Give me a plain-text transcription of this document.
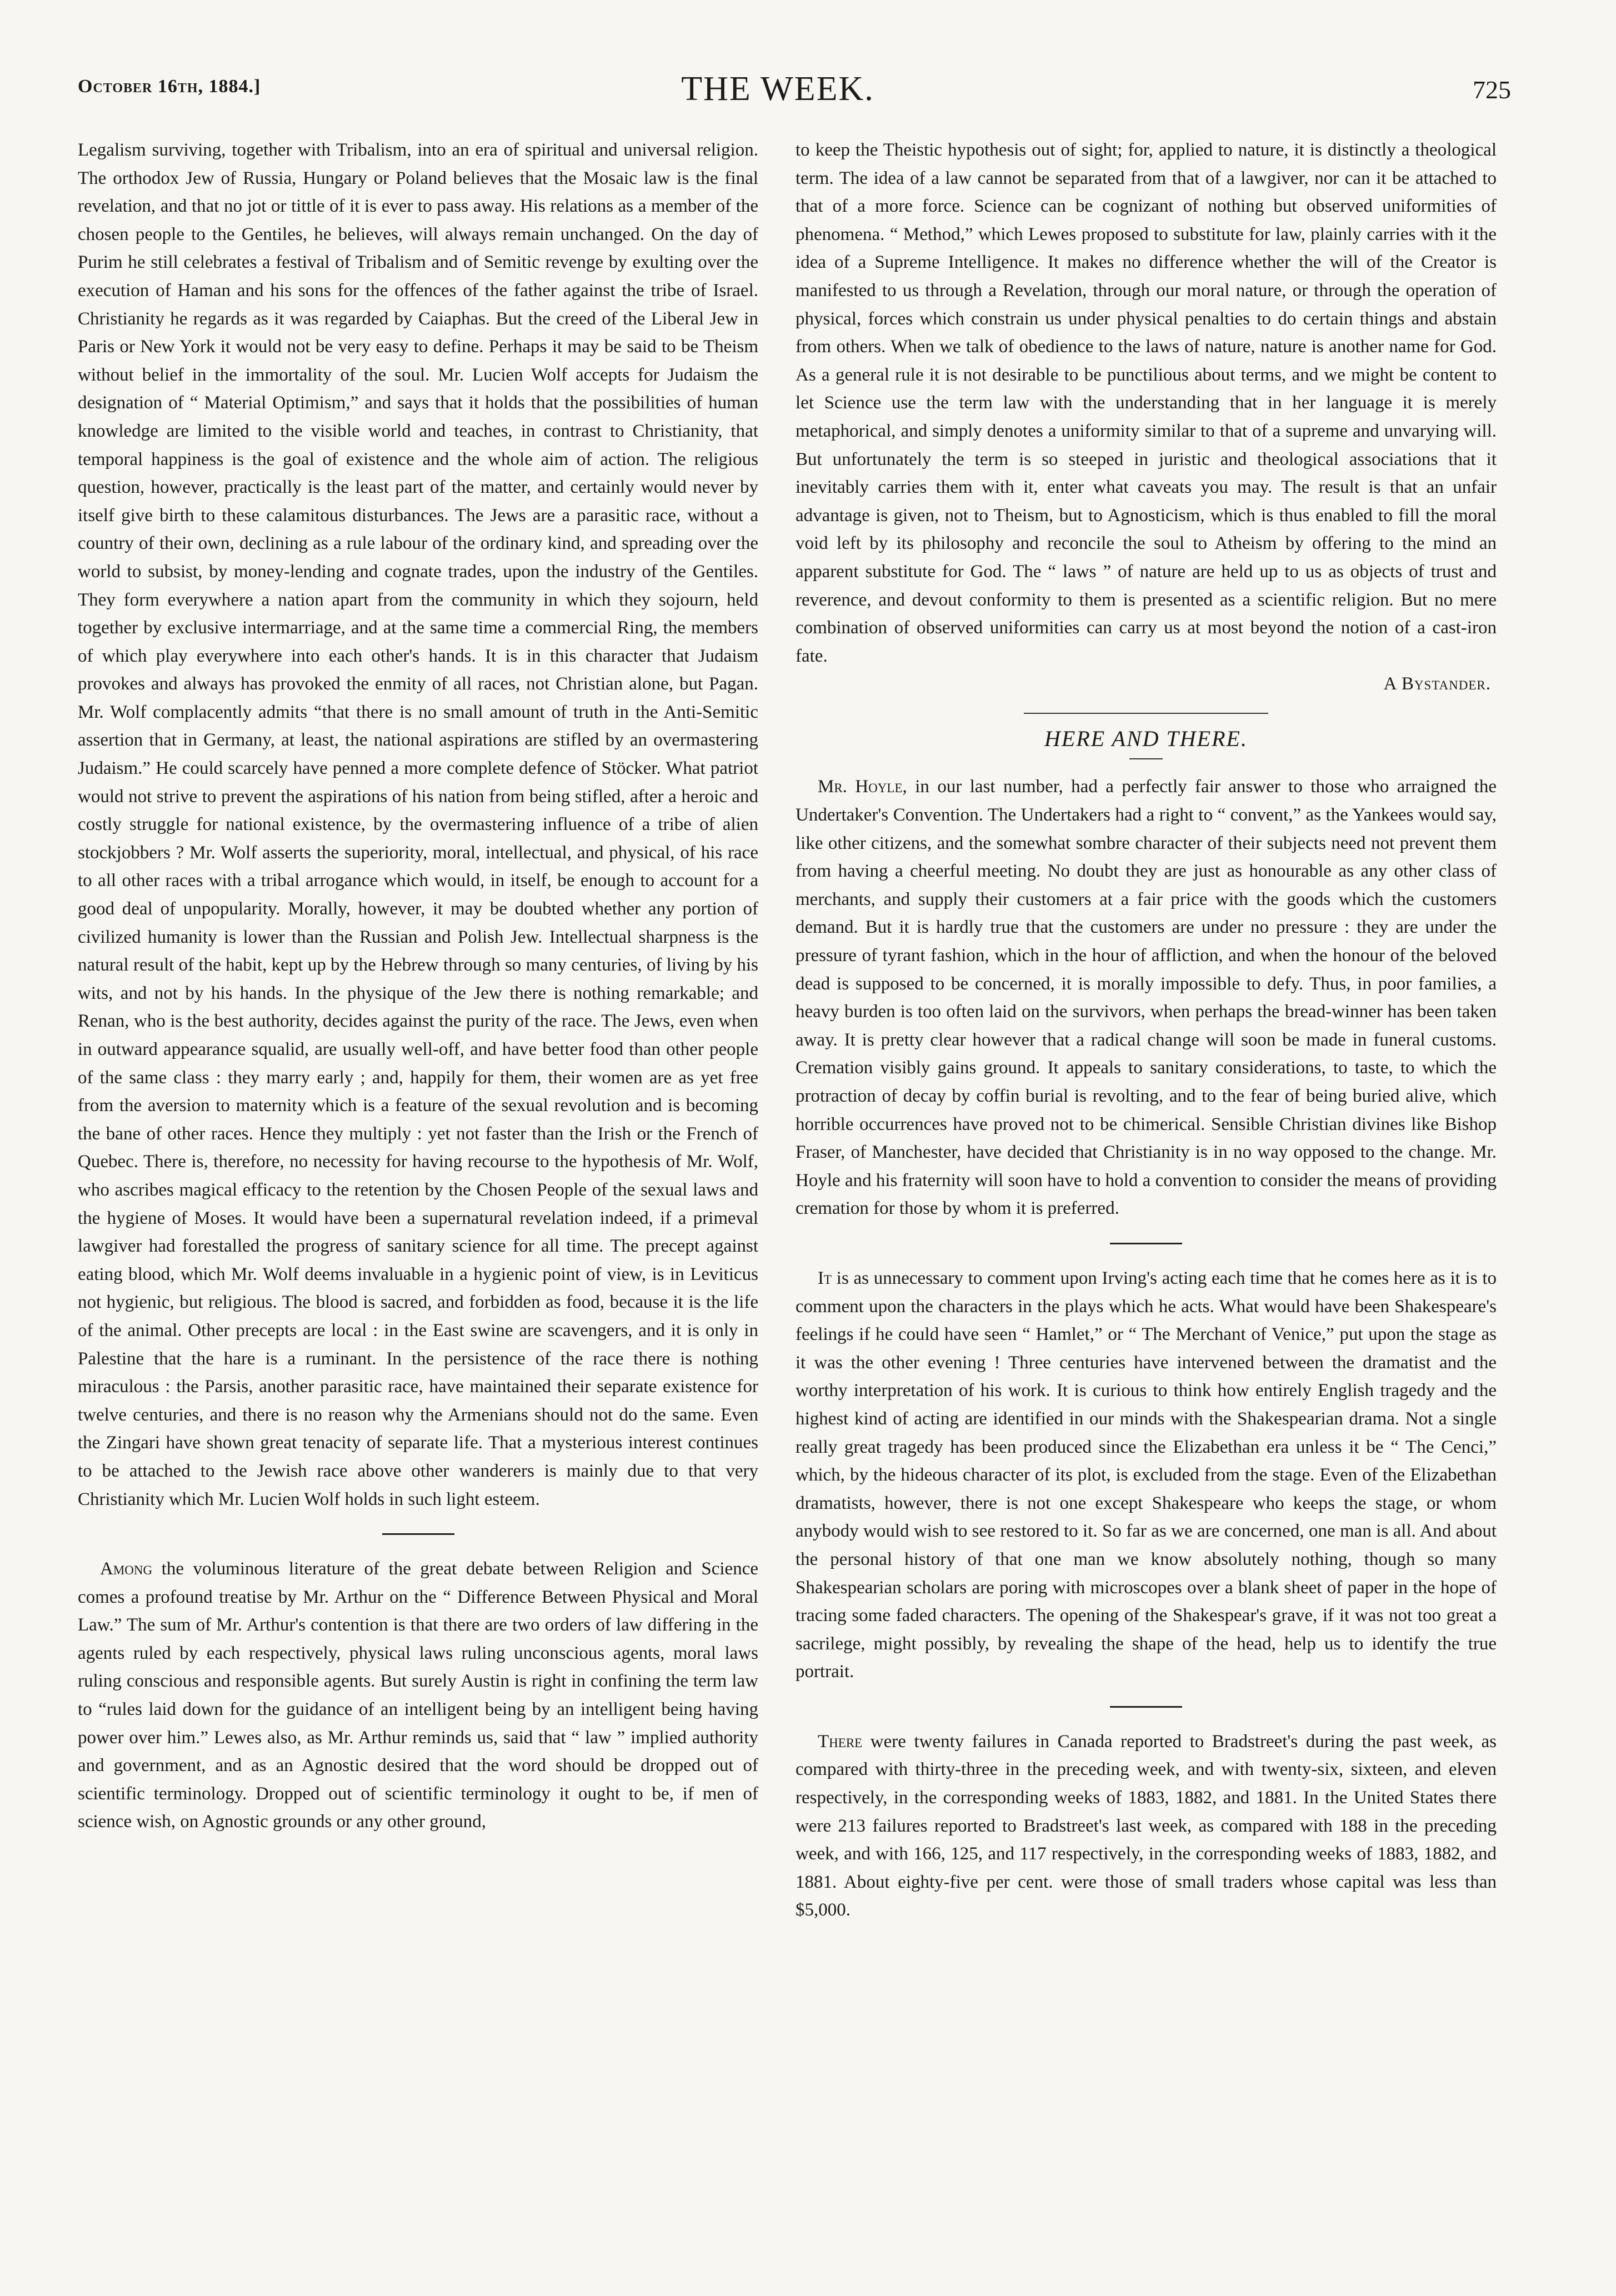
October 16th, 1884.]	THE WEEK.	725

Legalism surviving, together with Tribalism, into an era of spiritual and universal religion. The orthodox Jew of Russia, Hungary or Poland believes that the Mosaic law is the final revelation, and that no jot or tittle of it is ever to pass away. His relations as a member of the chosen people to the Gentiles, he believes, will always remain unchanged. On the day of Purim he still celebrates a festival of Tribalism and of Semitic revenge by exulting over the execution of Haman and his sons for the offences of the father against the tribe of Israel. Christianity he regards as it was regarded by Caiaphas. But the creed of the Liberal Jew in Paris or New York it would not be very easy to define. Perhaps it may be said to be Theism without belief in the immortality of the soul. Mr. Lucien Wolf accepts for Judaism the designation of “ Material Optimism,” and says that it holds that the possibilities of human knowledge are limited to the visible world and teaches, in contrast to Christianity, that temporal happiness is the goal of existence and the whole aim of action. The religious question, however, practically is the least part of the matter, and certainly would never by itself give birth to these calamitous disturbances. The Jews are a parasitic race, without a country of their own, declining as a rule labour of the ordinary kind, and spreading over the world to subsist, by money-lending and cognate trades, upon the industry of the Gentiles. They form everywhere a nation apart from the community in which they sojourn, held together by exclusive intermarriage, and at the same time a commercial Ring, the members of which play everywhere into each other's hands. It is in this character that Judaism provokes and always has provoked the enmity of all races, not Christian alone, but Pagan. Mr. Wolf complacently admits “that there is no small amount of truth in the Anti-Semitic assertion that in Germany, at least, the national aspirations are stifled by an overmastering Judaism.” He could scarcely have penned a more complete defence of Stöcker. What patriot would not strive to prevent the aspirations of his nation from being stifled, after a heroic and costly struggle for national existence, by the overmastering influence of a tribe of alien stockjobbers ? Mr. Wolf asserts the superiority, moral, intellectual, and physical, of his race to all other races with a tribal arrogance which would, in itself, be enough to account for a good deal of unpopularity. Morally, however, it may be doubted whether any portion of civilized humanity is lower than the Russian and Polish Jew. Intellectual sharpness is the natural result of the habit, kept up by the Hebrew through so many centuries, of living by his wits, and not by his hands. In the physique of the Jew there is nothing remarkable; and Renan, who is the best authority, decides against the purity of the race. The Jews, even when in outward appearance squalid, are usually well-off, and have better food than other people of the same class : they marry early ; and, happily for them, their women are as yet free from the aversion to maternity which is a feature of the sexual revolution and is becoming the bane of other races. Hence they multiply : yet not faster than the Irish or the French of Quebec. There is, therefore, no necessity for having recourse to the hypothesis of Mr. Wolf, who ascribes magical efficacy to the retention by the Chosen People of the sexual laws and the hygiene of Moses. It would have been a supernatural revelation indeed, if a primeval lawgiver had forestalled the progress of sanitary science for all time. The precept against eating blood, which Mr. Wolf deems invaluable in a hygienic point of view, is in Leviticus not hygienic, but religious. The blood is sacred, and forbidden as food, because it is the life of the animal. Other precepts are local : in the East swine are scavengers, and it is only in Palestine that the hare is a ruminant. In the persistence of the race there is nothing miraculous : the Parsis, another parasitic race, have maintained their separate existence for twelve centuries, and there is no reason why the Armenians should not do the same. Even the Zingari have shown great tenacity of separate life. That a mysterious interest continues to be attached to the Jewish race above other wanderers is mainly due to that very Christianity which Mr. Lucien Wolf holds in such light esteem.

Among the voluminous literature of the great debate between Religion and Science comes a profound treatise by Mr. Arthur on the “ Difference Between Physical and Moral Law.” The sum of Mr. Arthur's contention is that there are two orders of law differing in the agents ruled by each respectively, physical laws ruling unconscious agents, moral laws ruling conscious and responsible agents. But surely Austin is right in confining the term law to “rules laid down for the guidance of an intelligent being by an intelligent being having power over him.” Lewes also, as Mr. Arthur reminds us, said that “ law ” implied authority and government, and as an Agnostic desired that the word should be dropped out of scientific terminology. Dropped out of scientific terminology it ought to be, if men of science wish, on Agnostic grounds or any other ground,

to keep the Theistic hypothesis out of sight; for, applied to nature, it is distinctly a theological term. The idea of a law cannot be separated from that of a lawgiver, nor can it be attached to that of a more force. Science can be cognizant of nothing but observed uniformities of phenomena. “ Method,” which Lewes proposed to substitute for law, plainly carries with it the idea of a Supreme Intelligence. It makes no difference whether the will of the Creator is manifested to us through a Revelation, through our moral nature, or through the operation of physical, forces which constrain us under physical penalties to do certain things and abstain from others. When we talk of obedience to the laws of nature, nature is another name for God. As a general rule it is not desirable to be punctilious about terms, and we might be content to let Science use the term law with the understanding that in her language it is merely metaphorical, and simply denotes a uniformity similar to that of a supreme and unvarying will. But unfortunately the term is so steeped in juristic and theological associations that it inevitably carries them with it, enter what caveats you may. The result is that an unfair advantage is given, not to Theism, but to Agnosticism, which is thus enabled to fill the moral void left by its philosophy and reconcile the soul to Atheism by offering to the mind an apparent substitute for God. The “ laws ” of nature are held up to us as objects of trust and reverence, and devout conformity to them is presented as a scientific religion. But no mere combination of observed uniformities can carry us at most beyond the notion of a cast-iron fate.

A Bystander.

HERE AND THERE.

Mr. Hoyle, in our last number, had a perfectly fair answer to those who arraigned the Undertaker's Convention. The Undertakers had a right to “ convent,” as the Yankees would say, like other citizens, and the somewhat sombre character of their subjects need not prevent them from having a cheerful meeting. No doubt they are just as honourable as any other class of merchants, and supply their customers at a fair price with the goods which the customers demand. But it is hardly true that the customers are under no pressure : they are under the pressure of tyrant fashion, which in the hour of affliction, and when the honour of the beloved dead is supposed to be concerned, it is morally impossible to defy. Thus, in poor families, a heavy burden is too often laid on the survivors, when perhaps the bread-winner has been taken away. It is pretty clear however that a radical change will soon be made in funeral customs. Cremation visibly gains ground. It appeals to sanitary considerations, to taste, to which the protraction of decay by coffin burial is revolting, and to the fear of being buried alive, which horrible occurrences have proved not to be chimerical. Sensible Christian divines like Bishop Fraser, of Manchester, have decided that Christianity is in no way opposed to the change. Mr. Hoyle and his fraternity will soon have to hold a convention to consider the means of providing cremation for those by whom it is preferred.

It is as unnecessary to comment upon Irving's acting each time that he comes here as it is to comment upon the characters in the plays which he acts. What would have been Shakespeare's feelings if he could have seen “ Hamlet,” or “ The Merchant of Venice,” put upon the stage as it was the other evening ! Three centuries have intervened between the dramatist and the worthy interpretation of his work. It is curious to think how entirely English tragedy and the highest kind of acting are identified in our minds with the Shakespearian drama. Not a single really great tragedy has been produced since the Elizabethan era unless it be “ The Cenci,” which, by the hideous character of its plot, is excluded from the stage. Even of the Elizabethan dramatists, however, there is not one except Shakespeare who keeps the stage, or whom anybody would wish to see restored to it. So far as we are concerned, one man is all. And about the personal history of that one man we know absolutely nothing, though so many Shakespearian scholars are poring with microscopes over a blank sheet of paper in the hope of tracing some faded characters. The opening of the Shakespear's grave, if it was not too great a sacrilege, might possibly, by revealing the shape of the head, help us to identify the true portrait.

There were twenty failures in Canada reported to Bradstreet's during the past week, as compared with thirty-three in the preceding week, and with twenty-six, sixteen, and eleven respectively, in the corresponding weeks of 1883, 1882, and 1881. In the United States there were 213 failures reported to Bradstreet's last week, as compared with 188 in the preceding week, and with 166, 125, and 117 respectively, in the corresponding weeks of 1883, 1882, and 1881. About eighty-five per cent. were those of small traders whose capital was less than $5,000.
